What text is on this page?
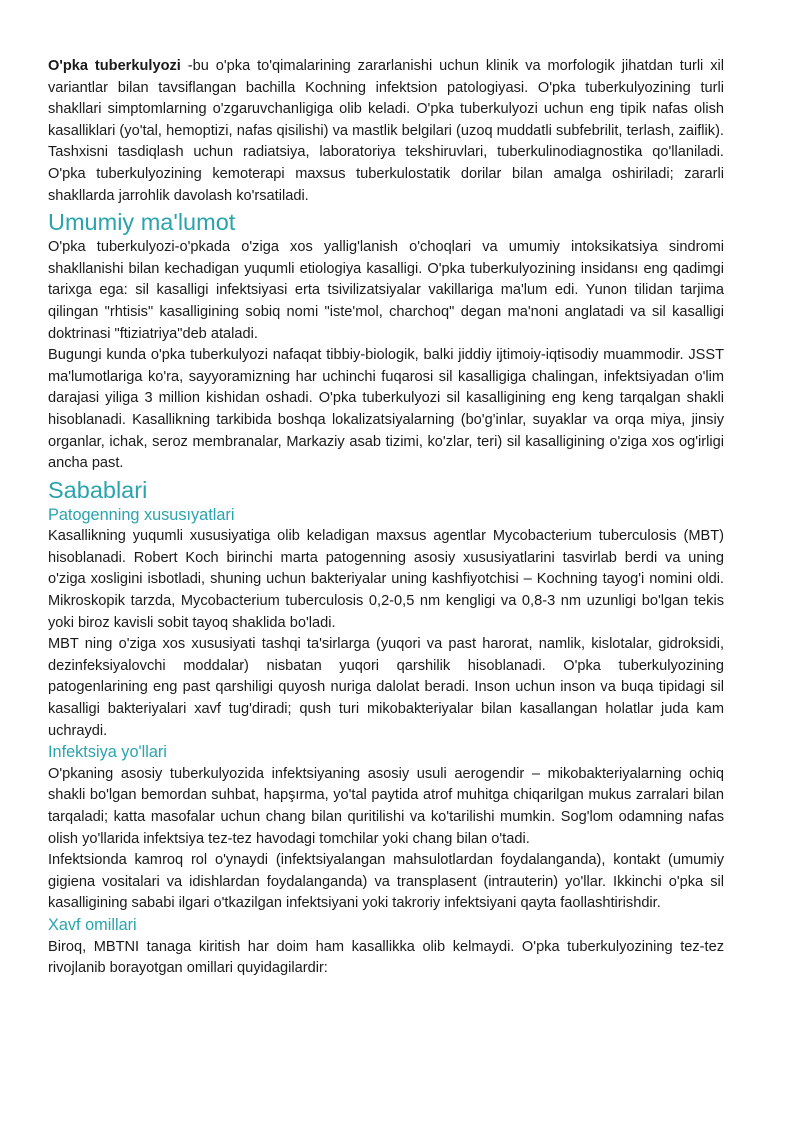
O'pka tuberkulyozi -bu o'pka to'qimalarining zararlanishi uchun klinik va morfologik jihatdan turli xil variantlar bilan tavsiflangan bachilla Kochning infektsion patologiyasi. O'pka tuberkulyozining turli shakllari simptomlarning o'zgaruvchanligiga olib keladi. O'pka tuberkulyozi uchun eng tipik nafas olish kasalliklari (yo'tal, hemoptizi, nafas qisilishi) va mastlik belgilari (uzoq muddatli subfebrilit, terlash, zaiflik). Tashxisni tasdiqlash uchun radiatsiya, laboratoriya tekshiruvlari, tuberkulinodiagnostika qo'llaniladi. O'pka tuberkulyozining kemoterapi maxsus tuberkulostatik dorilar bilan amalga oshiriladi; zararli shakllarda jarrohlik davolash ko'rsatiladi.

Umumiy ma'lumot

O'pka tuberkulyozi-o'pkada o'ziga xos yallig'lanish o'choqlari va umumiy intoksikatsiya sindromi shakllanishi bilan kechadigan yuqumli etiologiya kasalligi. O'pka tuberkulyozining insidansı eng qadimgi tarixga ega: sil kasalligi infektsiyasi erta tsivilizatsiyalar vakillariga ma'lum edi. Yunon tilidan tarjima qilingan "rhtisis" kasalligining sobiq nomi "iste'mol, charchoq" degan ma'noni anglatadi va sil kasalligi doktrinasi "ftiziatriya"deb ataladi.

Bugungi kunda o'pka tuberkulyozi nafaqat tibbiy-biologik, balki jiddiy ijtimoiy-iqtisodiy muammodir. JSST ma'lumotlariga ko'ra, sayyoramizning har uchinchi fuqarosi sil kasalligiga chalingan, infektsiyadan o'lim darajasi yiliga 3 million kishidan oshadi. O'pka tuberkulyozi sil kasalligining eng keng tarqalgan shakli hisoblanadi. Kasallikning tarkibida boshqa lokalizatsiyalarning (bo'g'inlar, suyaklar va orqa miya, jinsiy organlar, ichak, seroz membranalar, Markaziy asab tizimi, ko'zlar, teri) sil kasalligining o'ziga xos og'irligi ancha past.

Sabablari
Patogenning xususıyatlari

Kasallikning yuqumli xususiyatiga olib keladigan maxsus agentlar Mycobacterium tuberculosis (MBT) hisoblanadi. Robert Koch birinchi marta patogenning asosiy xususiyatlarini tasvirlab berdi va uning o'ziga xosligini isbotladi, shuning uchun bakteriyalar uning kashfiyotchisi – Kochning tayog'i nomini oldi. Mikroskopik tarzda, Mycobacterium tuberculosis 0,2-0,5 nm kengligi va 0,8-3 nm uzunligi bo'lgan tekis yoki biroz kavisli sobit tayoq shaklida bo'ladi.

MBT ning o'ziga xos xususiyati tashqi ta'sirlarga (yuqori va past harorat, namlik, kislotalar, gidroksidi, dezinfeksiyalovchi moddalar) nisbatan yuqori qarshilik hisoblanadi. O'pka tuberkulyozining patogenlarining eng past qarshiligi quyosh nuriga dalolat beradi. Inson uchun inson va buqa tipidagi sil kasalligi bakteriyalari xavf tug'diradi; qush turi mikobakteriyalar bilan kasallangan holatlar juda kam uchraydi.

Infektsiya yo'llari

O'pkaning asosiy tuberkulyozida infektsiyaning asosiy usuli aerogendir – mikobakteriyalarning ochiq shakli bo'lgan bemordan suhbat, hapşırma, yo'tal paytida atrof muhitga chiqarilgan mukus zarralari bilan tarqaladi; katta masofalar uchun chang bilan quritilishi va ko'tarilishi mumkin. Sog'lom odamning nafas olish yo'llarida infektsiya tez-tez havodagi tomchilar yoki chang bilan o'tadi.

Infektsionda kamroq rol o'ynaydi (infektsiyalangan mahsulotlardan foydalanganda), kontakt (umumiy gigiena vositalari va idishlardan foydalanganda) va transplasent (intrauterin) yo'llar. Ikkinchi o'pka sil kasalligining sababi ilgari o'tkazilgan infektsiyani yoki takroriy infektsiyani qayta faollashtirishdir.

Xavf omillari

Biroq, MBTNI tanaga kiritish har doim ham kasallikka olib kelmaydi. O'pka tuberkulyozining tez-tez rivojlanib borayotgan omillari quyidagilardir:
